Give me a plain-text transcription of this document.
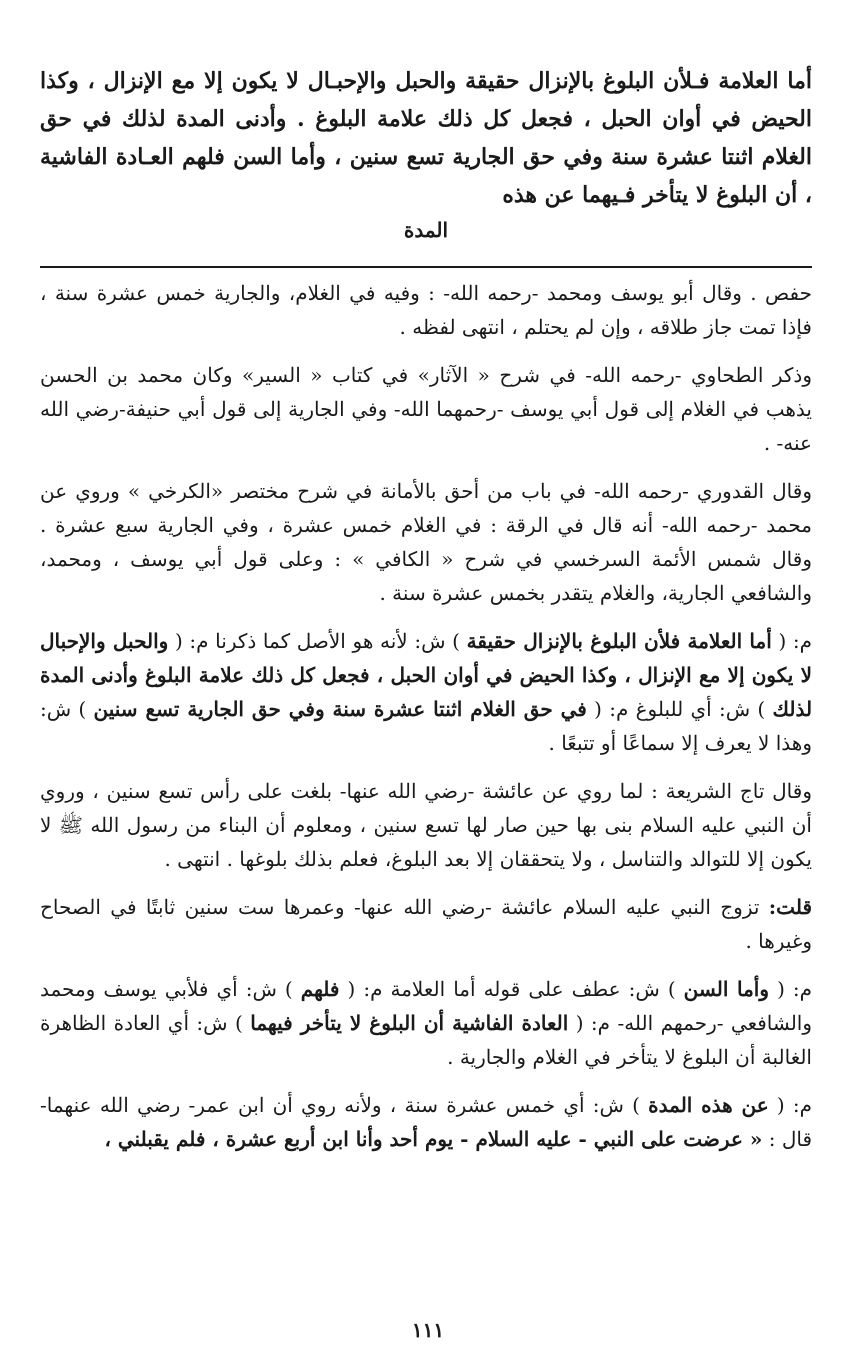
أما العلامة فـلأن البلوغ بالإنزال حقيقة والحبل والإحبـال لا يكون إلا مع الإنزال ، وكذا الحيض في أوان الحبل ، فجعل كل ذلك علامة البلوغ . وأدنى المدة لذلك في حق الغلام اثنتا عشرة سنة وفي حق الجارية تسع سنين ، وأما السن فلهم العـادة الفاشية ، أن البلوغ لا يتأخر فـيهما عن هذه

المدة

حفص . وقال أبو يوسف ومحمد -رحمه الله- : وفيه في الغلام، والجارية خمس عشرة سنة ، فإذا تمت جاز طلاقه ، وإن لم يحتلم ، انتهى لفظه .

وذكر الطحاوي -رحمه الله- في شرح « الآثار» في كتاب « السير» وكان محمد بن الحسن يذهب في الغلام إلى قول أبي يوسف -رحمهما الله- وفي الجارية إلى قول أبي حنيفة-رضي الله عنه- .

وقال القدوري -رحمه الله- في باب من أحق بالأمانة في شرح مختصر «الكرخي » وروي عن محمد -رحمه الله- أنه قال في الرقة : في الغلام خمس عشرة ، وفي الجارية سبع عشرة . وقال شمس الأئمة السرخسي في شرح « الكافي » : وعلى قول أبي يوسف ، ومحمد، والشافعي الجارية، والغلام يتقدر بخمس عشرة سنة .

م: ( أما العلامة فلأن البلوغ بالإنزال حقيقة ) ش: لأنه هو الأصل كما ذكرنا م: ( والحبل والإحبال لا يكون إلا مع الإنزال ، وكذا الحيض في أوان الحبل ، فجعل كل ذلك علامة البلوغ وأدنى المدة لذلك ) ش: أي للبلوغ م: ( في حق الغلام اثنتا عشرة سنة وفي حق الجارية تسع سنين ) ش: وهذا لا يعرف إلا سماعًا أو تتبعًا .

وقال تاج الشريعة : لما روي عن عائشة -رضي الله عنها- بلغت على رأس تسع سنين ، وروي أن النبي عليه السلام بنى بها حين صار لها تسع سنين ، ومعلوم أن البناء من رسول الله ﷺ لا يكون إلا للتوالد والتناسل ، ولا يتحققان إلا بعد البلوغ، فعلم بذلك بلوغها . انتهى .

قلت: تزوج النبي عليه السلام عائشة -رضي الله عنها- وعمرها ست سنين ثابتًا في الصحاح وغيرها .

م: ( وأما السن ) ش: عطف على قوله أما العلامة م: ( فلهم ) ش: أي فلأبي يوسف ومحمد والشافعي -رحمهم الله- م: ( العادة الفاشية أن البلوغ لا يتأخر فيهما ) ش: أي العادة الظاهرة الغالبة أن البلوغ لا يتأخر في الغلام والجارية .

م: ( عن هذه المدة ) ش: أي خمس عشرة سنة ، ولأنه روي أن ابن عمر- رضي الله عنهما- قال : « عرضت على النبي - عليه السلام - يوم أحد وأنا ابن أربع عشرة ، فلم يقبلني ،

١١١
